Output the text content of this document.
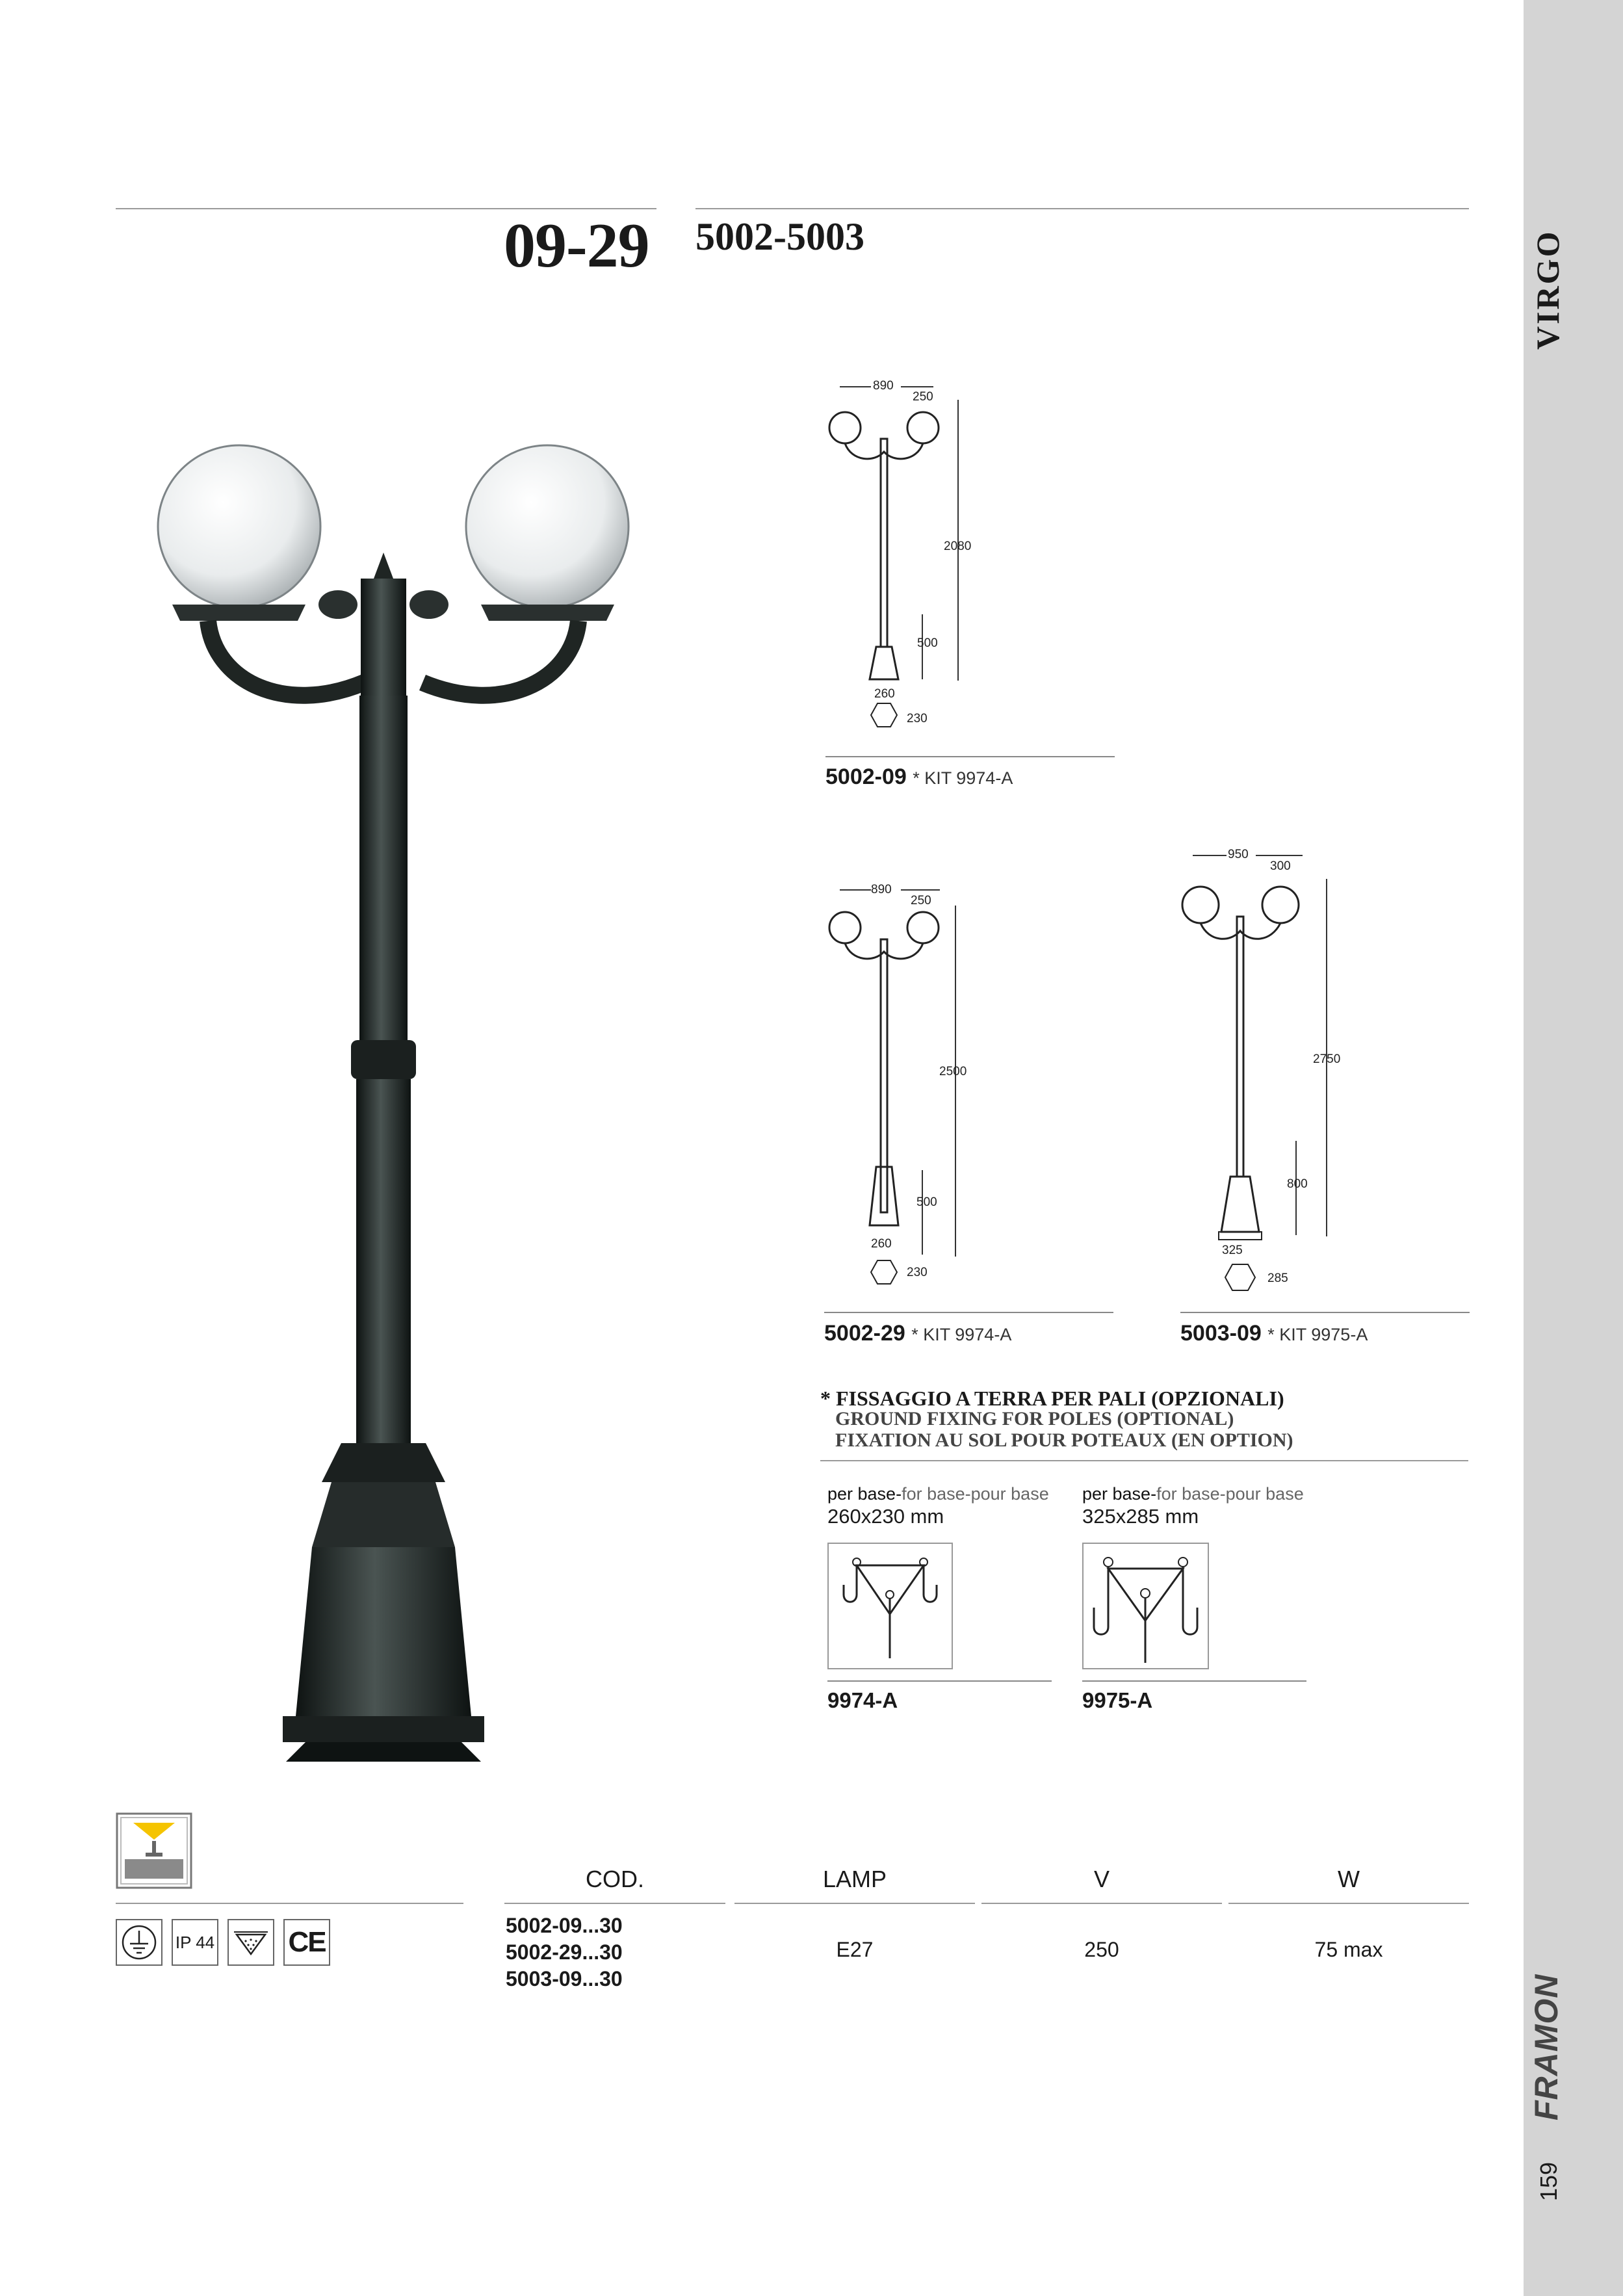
VIRGO
FRAMON
159
09-29 5002-5003
890
250
2080
500
260
230
5002-09 * KIT 9974-A
890
250
2500
500
260
230
5002-29 * KIT 9974-A
950
300
2750
800
325
285
5003-09 * KIT 9975-A
* FISSAGGIO A TERRA PER PALI (OPZIONALI)
GROUND FIXING FOR POLES (OPTIONAL)
FIXATION AU SOL POUR POTEAUX (EN OPTION)
per base-for base-pour base
260x230 mm
9974-A
per base-for base-pour base
325x285 mm
9975-A
IP 44	CE
COD.	LAMP	V	W
5002-09...30
5002-29...30
5003-09...30
E27	250	75 max
